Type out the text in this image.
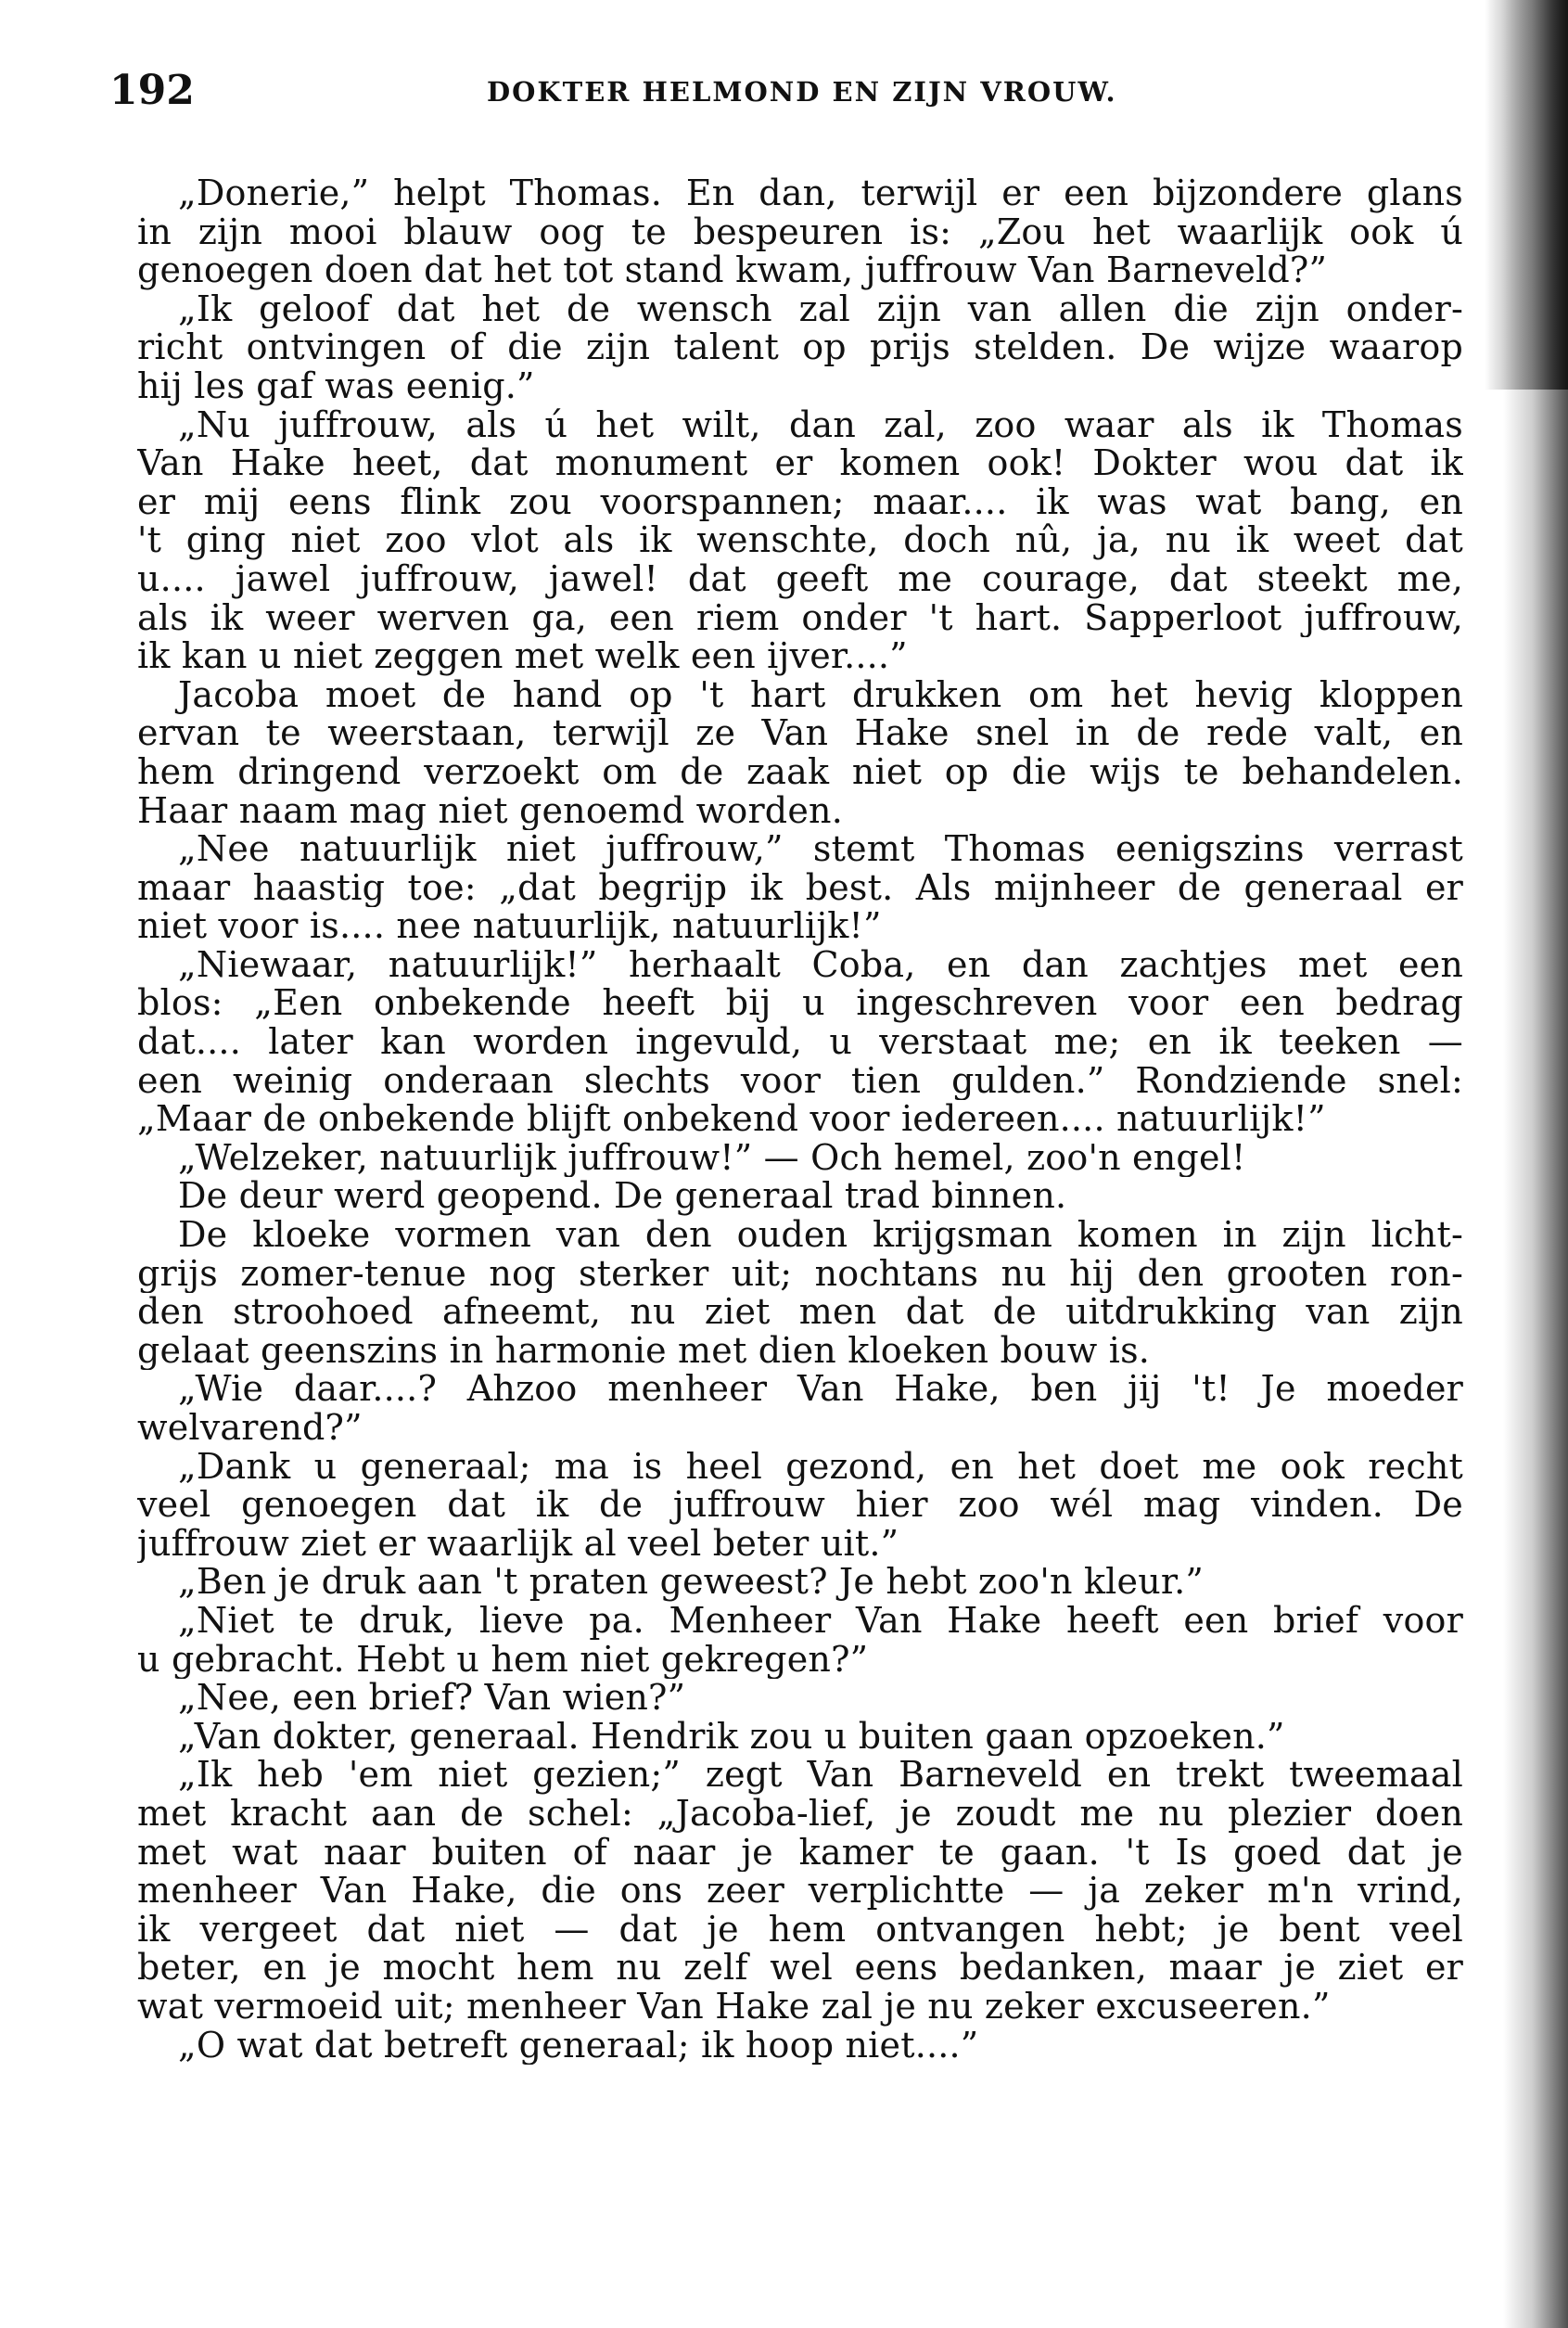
192	DOKTER HELMOND EN ZIJN VROUW.
„Donerie,” helpt Thomas. En dan, terwijl er een bijzondere glans
in zijn mooi blauw oog te bespeuren is: „Zou het waarlijk ook ú
genoegen doen dat het tot stand kwam, juffrouw Van Barneveld?”
„Ik geloof dat het de wensch zal zijn van allen die zijn onder-
richt ontvingen of die zijn talent op prijs stelden. De wijze waarop
hij les gaf was eenig.”
„Nu juffrouw, als ú het wilt, dan zal, zoo waar als ik Thomas
Van Hake heet, dat monument er komen ook! Dokter wou dat ik
er mij eens flink zou voorspannen; maar.... ik was wat bang, en
't ging niet zoo vlot als ik wenschte, doch nû, ja, nu ik weet dat
u.... jawel juffrouw, jawel! dat geeft me courage, dat steekt me,
als ik weer werven ga, een riem onder 't hart. Sapperloot juffrouw,
ik kan u niet zeggen met welk een ijver....”
Jacoba moet de hand op 't hart drukken om het hevig kloppen
ervan te weerstaan, terwijl ze Van Hake snel in de rede valt, en
hem dringend verzoekt om de zaak niet op die wijs te behandelen.
Haar naam mag niet genoemd worden.
„Nee natuurlijk niet juffrouw,” stemt Thomas eenigszins verrast
maar haastig toe: „dat begrijp ik best. Als mijnheer de generaal er
niet voor is.... nee natuurlijk, natuurlijk!”
„Niewaar, natuurlijk!” herhaalt Coba, en dan zachtjes met een
blos: „Een onbekende heeft bij u ingeschreven voor een bedrag
dat.... later kan worden ingevuld, u verstaat me; en ik teeken —
een weinig onderaan slechts voor tien gulden.” Rondziende snel:
„Maar de onbekende blijft onbekend voor iedereen.... natuurlijk!”
„Welzeker, natuurlijk juffrouw!” — Och hemel, zoo'n engel!
De deur werd geopend. De generaal trad binnen.
De kloeke vormen van den ouden krijgsman komen in zijn licht-
grijs zomer-tenue nog sterker uit; nochtans nu hij den grooten ron-
den stroohoed afneemt, nu ziet men dat de uitdrukking van zijn
gelaat geenszins in harmonie met dien kloeken bouw is.
„Wie daar....? Ahzoo menheer Van Hake, ben jij 't! Je moeder
welvarend?”
„Dank u generaal; ma is heel gezond, en het doet me ook recht
veel genoegen dat ik de juffrouw hier zoo wél mag vinden. De
juffrouw ziet er waarlijk al veel beter uit.”
„Ben je druk aan 't praten geweest? Je hebt zoo'n kleur.”
„Niet te druk, lieve pa. Menheer Van Hake heeft een brief voor
u gebracht. Hebt u hem niet gekregen?”
„Nee, een brief? Van wien?”
„Van dokter, generaal. Hendrik zou u buiten gaan opzoeken.”
„Ik heb 'em niet gezien;” zegt Van Barneveld en trekt tweemaal
met kracht aan de schel: „Jacoba-lief, je zoudt me nu plezier doen
met wat naar buiten of naar je kamer te gaan. 't Is goed dat je
menheer Van Hake, die ons zeer verplichtte — ja zeker m'n vrind,
ik vergeet dat niet — dat je hem ontvangen hebt; je bent veel
beter, en je mocht hem nu zelf wel eens bedanken, maar je ziet er
wat vermoeid uit; menheer Van Hake zal je nu zeker excuseeren.”
„O wat dat betreft generaal; ik hoop niet....”
